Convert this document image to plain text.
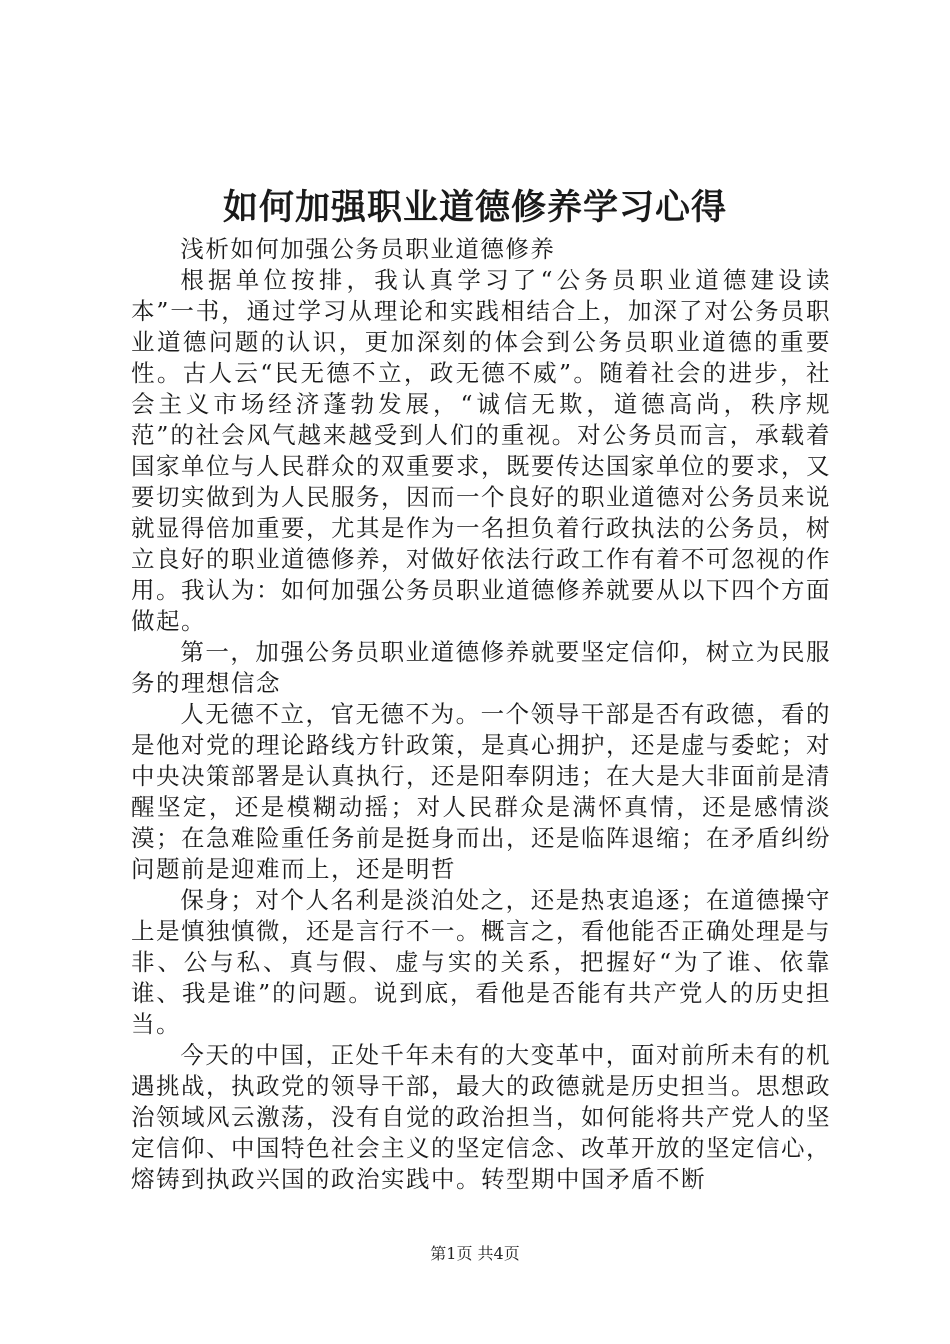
如何加强职业道德修养学习心得

浅析如何加强公务员职业道德修养

根据单位按排，我认真学习了“公务员职业道德建设读本”一书，通过学习从理论和实践相结合上，加深了对公务员职业道德问题的认识，更加深刻的体会到公务员职业道德的重要性。古人云“民无德不立，政无德不威”。随着社会的进步，社会主义市场经济蓬勃发展，“诚信无欺，道德高尚，秩序规范”的社会风气越来越受到人们的重视。对公务员而言，承载着国家单位与人民群众的双重要求，既要传达国家单位的要求，又要切实做到为人民服务，因而一个良好的职业道德对公务员来说就显得倍加重要，尤其是作为一名担负着行政执法的公务员，树立良好的职业道德修养，对做好依法行政工作有着不可忽视的作用。我认为：如何加强公务员职业道德修养就要从以下四个方面做起。

第一，加强公务员职业道德修养就要坚定信仰，树立为民服务的理想信念

人无德不立，官无德不为。一个领导干部是否有政德，看的是他对党的理论路线方针政策，是真心拥护，还是虚与委蛇；对中央决策部署是认真执行，还是阳奉阴违；在大是大非面前是清醒坚定，还是模糊动摇；对人民群众是满怀真情，还是感情淡漠；在急难险重任务前是挺身而出，还是临阵退缩；在矛盾纠纷问题前是迎难而上，还是明哲

保身；对个人名利是淡泊处之，还是热衷追逐；在道德操守上是慎独慎微，还是言行不一。概言之，看他能否正确处理是与非、公与私、真与假、虚与实的关系，把握好“为了谁、依靠谁、我是谁”的问题。说到底，看他是否能有共产党人的历史担当。

今天的中国，正处千年未有的大变革中，面对前所未有的机遇挑战，执政党的领导干部，最大的政德就是历史担当。思想政治领域风云激荡，没有自觉的政治担当，如何能将共产党人的坚定信仰、中国特色社会主义的坚定信念、改革开放的坚定信心，熔铸到执政兴国的政治实践中。转型期中国矛盾不断

第1页 共4页
